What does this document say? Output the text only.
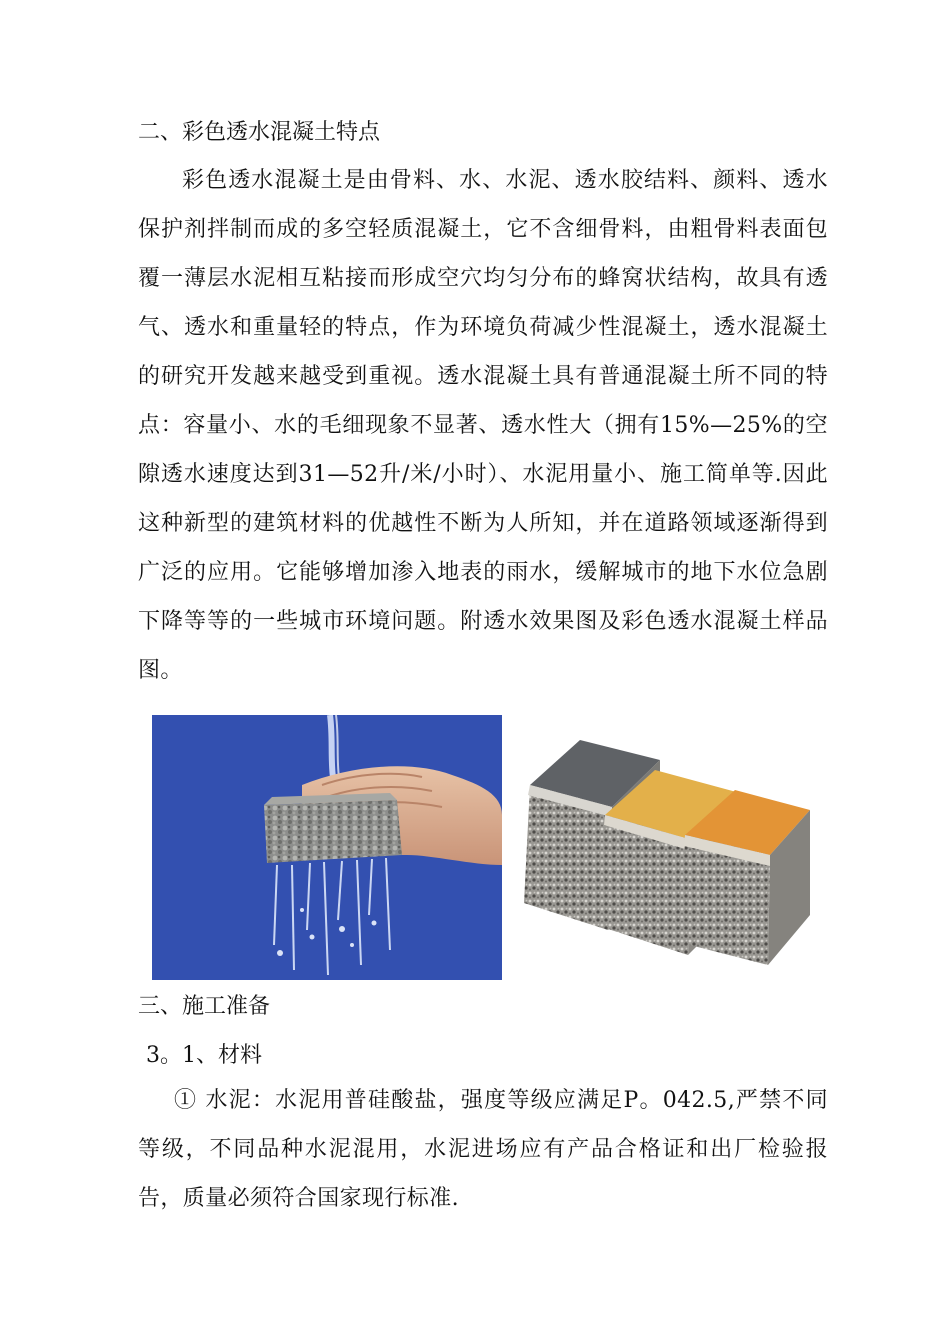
二、彩色透水混凝土特点
彩色透水混凝土是由骨料、水、水泥、透水胶结料、颜料、透水保护剂拌制而成的多空轻质混凝土，它不含细骨料，由粗骨料表面包覆一薄层水泥相互粘接而形成空穴均匀分布的蜂窝状结构，故具有透气、透水和重量轻的特点，作为环境负荷减少性混凝土，透水混凝土的研究开发越来越受到重视。透水混凝土具有普通混凝土所不同的特点：容量小、水的毛细现象不显著、透水性大（拥有15%—25%的空隙透水速度达到31—52升/米/小时）、水泥用量小、施工简单等.因此这种新型的建筑材料的优越性不断为人所知，并在道路领域逐渐得到广泛的应用。它能够增加渗入地表的雨水，缓解城市的地下水位急剧下降等等的一些城市环境问题。附透水效果图及彩色透水混凝土样品图。
三、施工准备
3。1、材料
① 水泥：水泥用普硅酸盐，强度等级应满足P。042.5,严禁不同等级，不同品种水泥混用，水泥进场应有产品合格证和出厂检验报告，质量必须符合国家现行标准.
